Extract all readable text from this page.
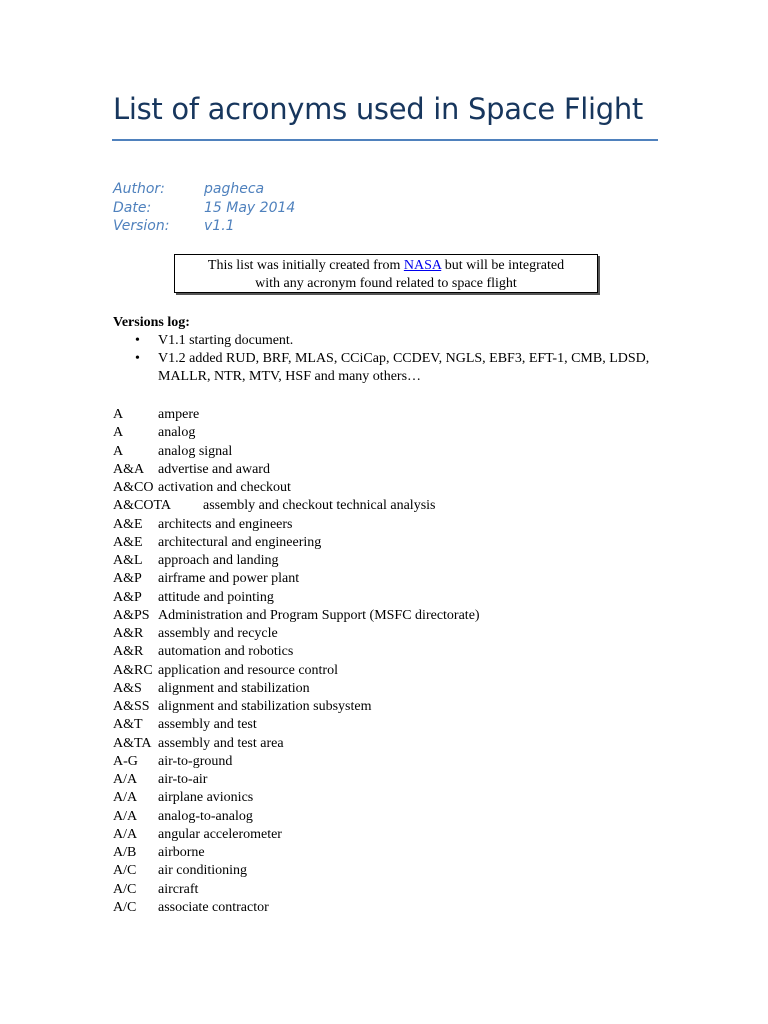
List of acronyms used in Space Flight
Author:	pagheca
Date:	15 May 2014
Version:	v1.1
This list was initially created from NASA but will be integrated
with any acronym found related to space flight
Versions log:
• V1.1 starting document.
• V1.2 added RUD, BRF, MLAS, CCiCap, CCDEV, NGLS, EBF3, EFT-1, CMB, LDSD,
MALLR, NTR, MTV, HSF and many others…
A ampere
A analog
A analog signal
A&A advertise and award
A&CO activation and checkout
A&COTA assembly and checkout technical analysis
A&E architects and engineers
A&E architectural and engineering
A&L approach and landing
A&P airframe and power plant
A&P attitude and pointing
A&PS Administration and Program Support (MSFC directorate)
A&R assembly and recycle
A&R automation and robotics
A&RC application and resource control
A&S alignment and stabilization
A&SS alignment and stabilization subsystem
A&T assembly and test
A&TA assembly and test area
A-G air-to-ground
A/A air-to-air
A/A airplane avionics
A/A analog-to-analog
A/A angular accelerometer
A/B airborne
A/C air conditioning
A/C aircraft
A/C associate contractor
